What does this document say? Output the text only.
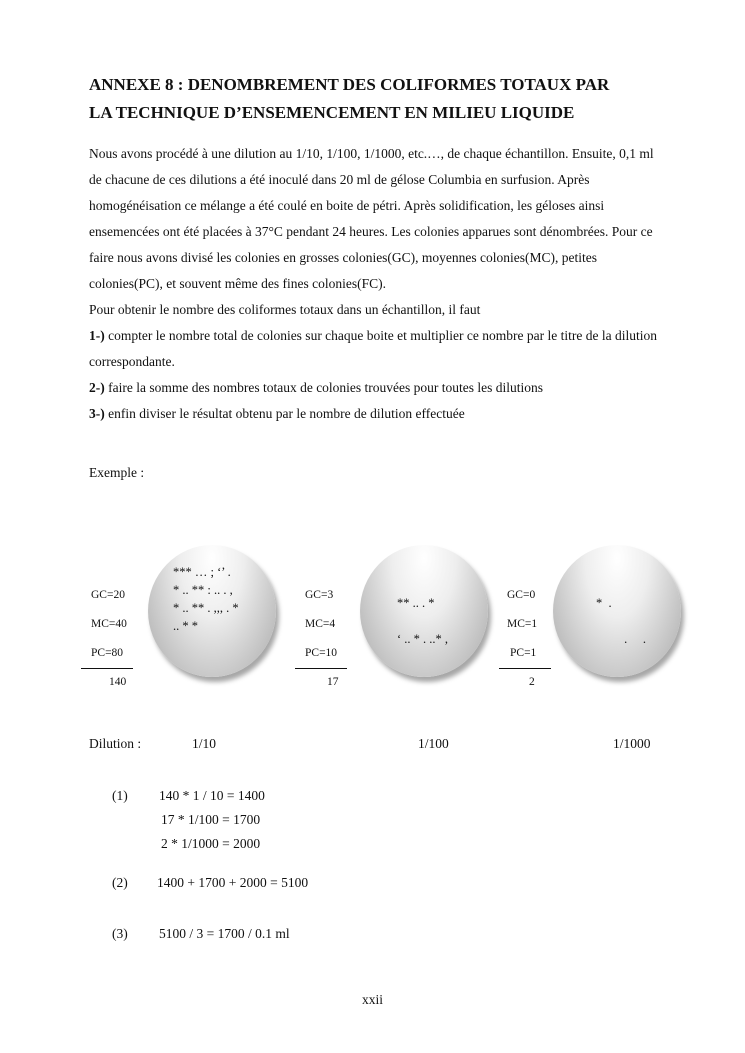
ANNEXE 8 : DENOMBREMENT DES COLIFORMES TOTAUX PAR
LA TECHNIQUE D’ENSEMENCEMENT EN MILIEU LIQUIDE

Nous avons procédé à une dilution au 1/10, 1/100, 1/1000, etc.…, de chaque échantillon. Ensuite, 0,1 ml de chacune de ces dilutions a été inoculé dans 20 ml de gélose Columbia en surfusion. Après homogénéisation ce mélange a été coulé en boite de pétri. Après solidification, les géloses ainsi ensemencées ont été placées à 37°C pendant 24 heures. Les colonies apparues sont dénombrées. Pour ce faire nous avons divisé les colonies en grosses colonies(GC), moyennes colonies(MC), petites colonies(PC), et souvent même des fines colonies(FC).

Pour obtenir le nombre des coliformes totaux dans un échantillon, il faut

1-) compter le nombre total de colonies sur chaque boite et multiplier ce nombre par le titre de la dilution correspondante.

2-) faire la somme des nombres totaux de colonies trouvées pour toutes les dilutions

3-) enfin diviser le résultat obtenu par le nombre de dilution effectuée

Exemple :
GC=20
MC=40
PC=80
140
*** … ; ‘’ .
* .. ** : .. . ,
* .. ** . ,,, . *
.. * *
GC=3
MC=4
PC=10
17
** .. . *

‘ .. * . ..* ,
GC=0
MC=1
PC=1
2
*  .

.     .
Dilution :	1/10	1/100	1/1000
(1) 140 * 1 / 10 = 1400
17 * 1/100 = 1700
2 * 1/1000 = 2000
(2) 1400 + 1700 + 2000 = 5100
(3) 5100 / 3 = 1700 / 0.1 ml
xxii
